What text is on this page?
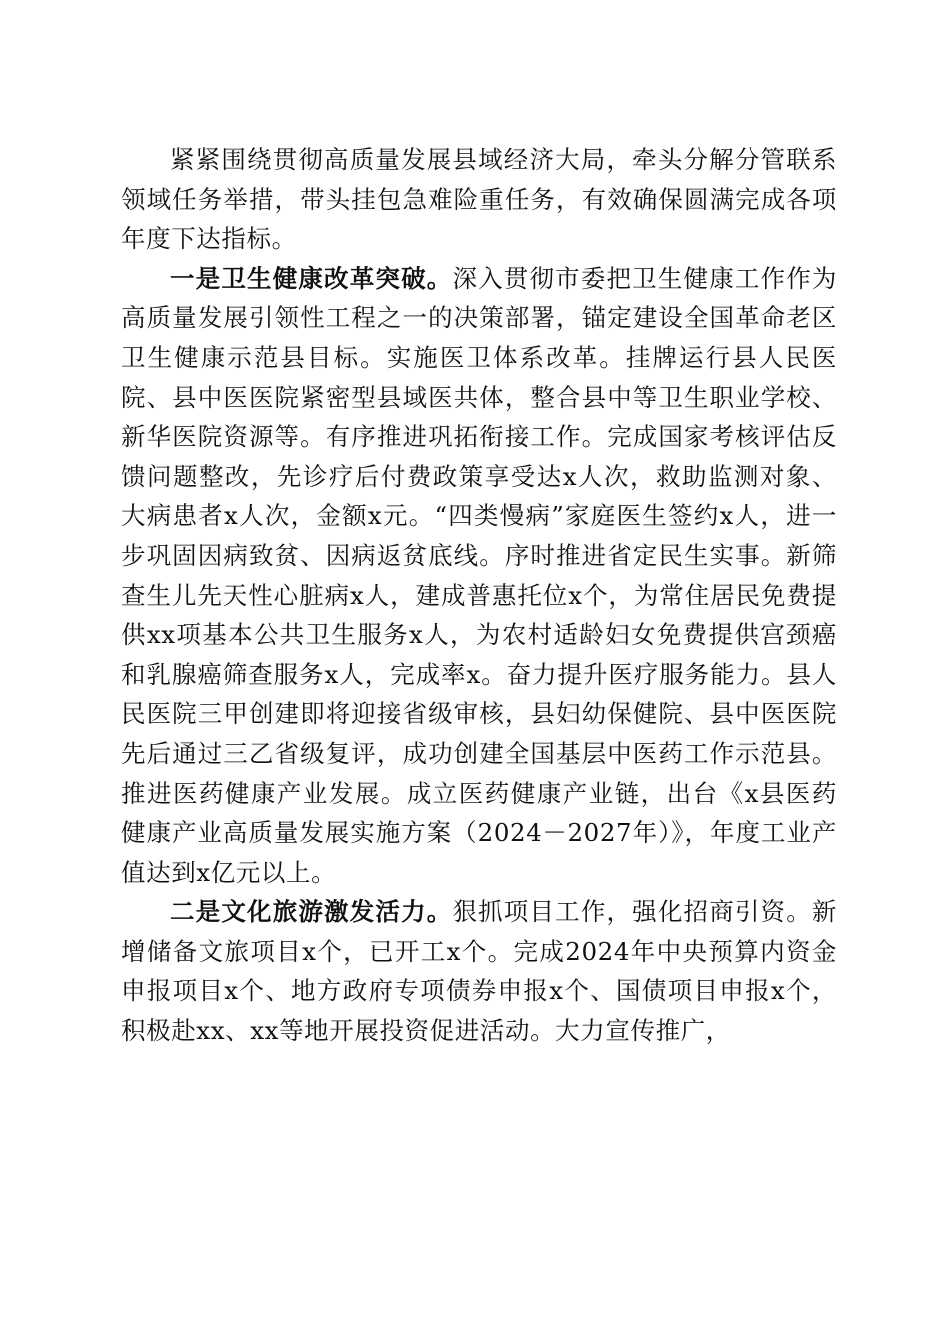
紧紧围绕贯彻高质量发展县域经济大局，牵头分解分管联系领域任务举措，带头挂包急难险重任务，有效确保圆满完成各项年度下达指标。

一是卫生健康改革突破。深入贯彻市委把卫生健康工作作为高质量发展引领性工程之一的决策部署，锚定建设全国革命老区卫生健康示范县目标。实施医卫体系改革。挂牌运行县人民医院、县中医医院紧密型县域医共体，整合县中等卫生职业学校、新华医院资源等。有序推进巩拓衔接工作。完成国家考核评估反馈问题整改，先诊疗后付费政策享受达x人次，救助监测对象、大病患者x人次，金额x元。“四类慢病”家庭医生签约x人，进一步巩固因病致贫、因病返贫底线。序时推进省定民生实事。新筛查生儿先天性心脏病x人，建成普惠托位x个，为常住居民免费提供xx项基本公共卫生服务x人，为农村适龄妇女免费提供宫颈癌和乳腺癌筛查服务x人，完成率x。奋力提升医疗服务能力。县人民医院三甲创建即将迎接省级审核，县妇幼保健院、县中医医院先后通过三乙省级复评，成功创建全国基层中医药工作示范县。推进医药健康产业发展。成立医药健康产业链，出台《x县医药健康产业高质量发展实施方案（2024－2027年）》，年度工业产值达到x亿元以上。

二是文化旅游激发活力。狠抓项目工作，强化招商引资。新增储备文旅项目x个，已开工x个。完成2024年中央预算内资金申报项目x个、地方政府专项债券申报x个、国债项目申报x个，积极赴xx、xx等地开展投资促进活动。大力宣传推广，
